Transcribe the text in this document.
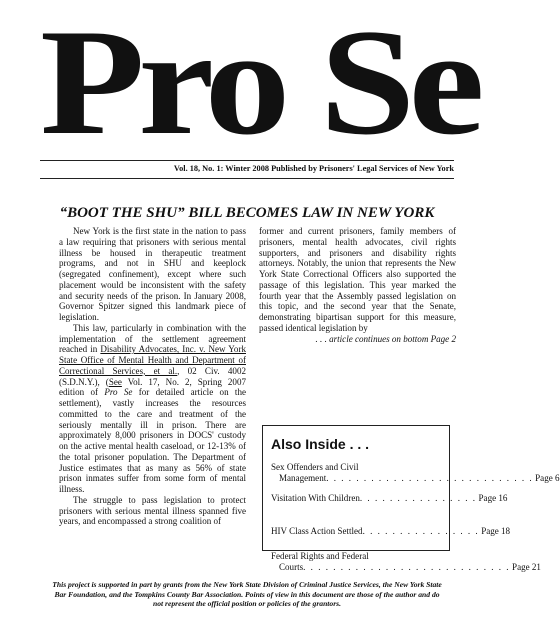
Pro Se
Vol. 18, No. 1: Winter 2008 Published by Prisoners' Legal Services of New York
“BOOT THE SHU” BILL BECOMES LAW IN NEW YORK

New York is the first state in the nation to pass a law requiring that prisoners with serious mental illness be housed in therapeutic treatment programs, and not in SHU and keeplock (segregated confinement), except where such placement would be inconsistent with the safety and security needs of the prison. In January 2008, Governor Spitzer signed this landmark piece of legislation.

This law, particularly in combination with the implementation of the settlement agreement reached in Disability Advocates, Inc. v. New York State Office of Mental Health and Department of Correctional Services, et al., 02 Civ. 4002 (S.D.N.Y.), (See Vol. 17, No. 2, Spring 2007 edition of Pro Se for detailed article on the settlement), vastly increases the resources committed to the care and treatment of the seriously mentally ill in prison. There are approximately 8,000 prisoners in DOCS' custody on the active mental health caseload, or 12-13% of the total prisoner population. The Department of Justice estimates that as many as 56% of state prison inmates suffer from some form of mental illness.

The struggle to pass legislation to protect prisoners with serious mental illness spanned five years, and encompassed a strong coalition of

former and current prisoners, family members of prisoners, mental health advocates, civil rights supporters, and prisoners and disability rights attorneys. Notably, the union that represents the New York State Correctional Officers also supported the passage of this legislation. This year marked the fourth year that the Assembly passed legislation on this topic, and the second year that the Senate, demonstrating bipartisan support for this measure, passed identical legislation by

. . . article continues on bottom Page 2
Also Inside . . .
Sex Offenders and Civil
Management . . . . . . . . . . . . . . . . . . . . . . . . . . . . Page 6
Visitation With Children . . . . . . . . . . . . . . . . Page 16
HIV Class Action Settled . . . . . . . . . . . . . . . . Page 18
Federal Rights and Federal
Courts . . . . . . . . . . . . . . . . . . . . . . . . . . . . Page 21
This project is supported in part by grants from the New York State Division of Criminal Justice Services, the New York State Bar Foundation, and the Tompkins County Bar Association. Points of view in this document are those of the author and do not represent the official position or policies of the grantors.
